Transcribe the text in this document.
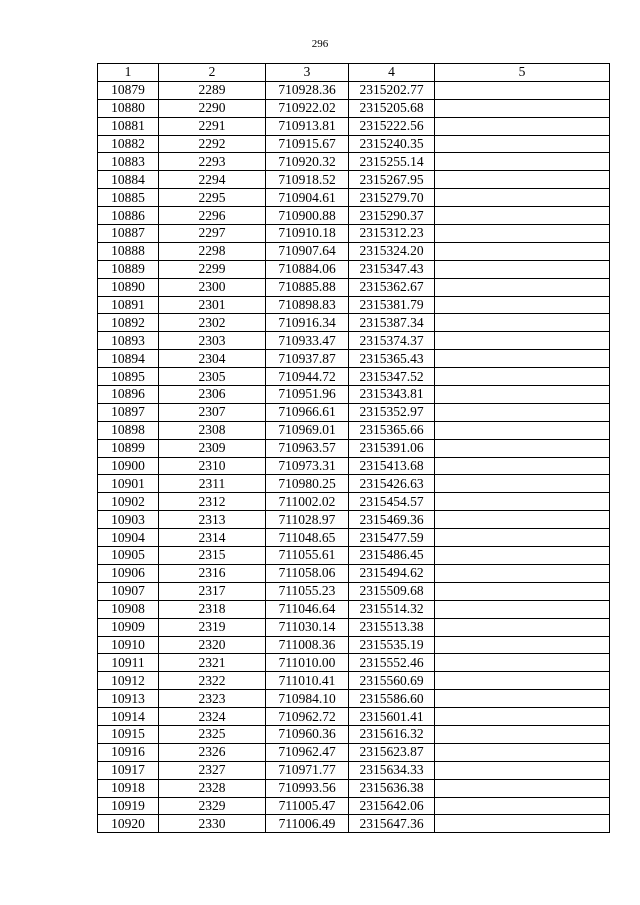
296
1	2	3	4	5
10879	2289	710928.36	2315202.77	
10880	2290	710922.02	2315205.68	
10881	2291	710913.81	2315222.56	
10882	2292	710915.67	2315240.35	
10883	2293	710920.32	2315255.14	
10884	2294	710918.52	2315267.95	
10885	2295	710904.61	2315279.70	
10886	2296	710900.88	2315290.37	
10887	2297	710910.18	2315312.23	
10888	2298	710907.64	2315324.20	
10889	2299	710884.06	2315347.43	
10890	2300	710885.88	2315362.67	
10891	2301	710898.83	2315381.79	
10892	2302	710916.34	2315387.34	
10893	2303	710933.47	2315374.37	
10894	2304	710937.87	2315365.43	
10895	2305	710944.72	2315347.52	
10896	2306	710951.96	2315343.81	
10897	2307	710966.61	2315352.97	
10898	2308	710969.01	2315365.66	
10899	2309	710963.57	2315391.06	
10900	2310	710973.31	2315413.68	
10901	2311	710980.25	2315426.63	
10902	2312	711002.02	2315454.57	
10903	2313	711028.97	2315469.36	
10904	2314	711048.65	2315477.59	
10905	2315	711055.61	2315486.45	
10906	2316	711058.06	2315494.62	
10907	2317	711055.23	2315509.68	
10908	2318	711046.64	2315514.32	
10909	2319	711030.14	2315513.38	
10910	2320	711008.36	2315535.19	
10911	2321	711010.00	2315552.46	
10912	2322	711010.41	2315560.69	
10913	2323	710984.10	2315586.60	
10914	2324	710962.72	2315601.41	
10915	2325	710960.36	2315616.32	
10916	2326	710962.47	2315623.87	
10917	2327	710971.77	2315634.33	
10918	2328	710993.56	2315636.38	
10919	2329	711005.47	2315642.06	
10920	2330	711006.49	2315647.36	
